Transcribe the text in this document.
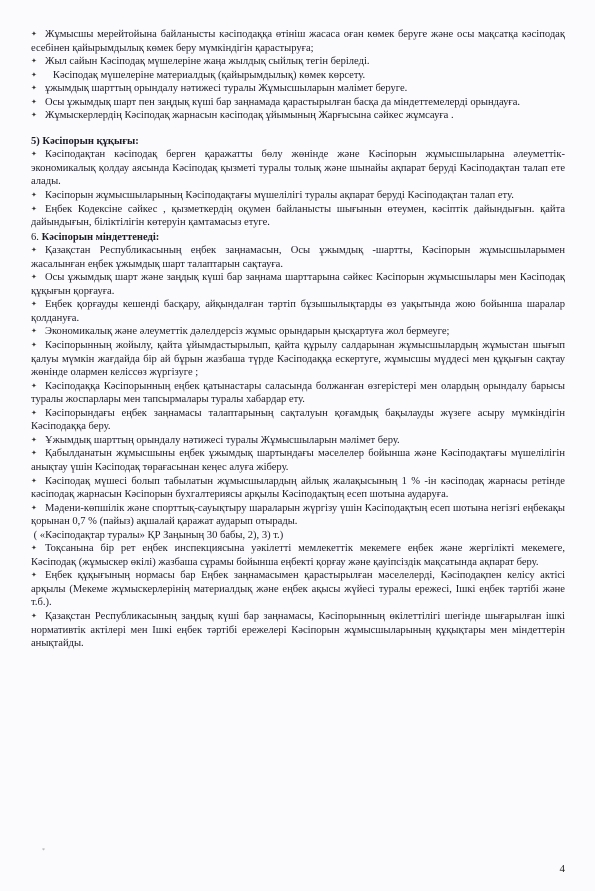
✦ Жұмысшы мерейтойына байланысты кәсіподаққа өтініш жасаса оған көмек беруге және осы мақсатқа кәсіподақ есебінен қайырымдылық көмек беру мүмкіндігін қарастыруға;

✦ Жыл сайын Кәсіподақ мүшелеріне жаңа жылдық сыйлық тегін беріледі.

✦ Кәсіподақ мүшелеріне материалдық (қайырымдылық) көмек көрсету.

✦ ұжымдық шарттың орындалу нәтижесі туралы Жұмысшыларын мәлімет беруге.

✦ Осы ұжымдық шарт пен заңдық күші бар заңнамада қарастырылған басқа да міндеттемелерді орындауға.

✦ Жұмыскерлердің Кәсіподақ жарнасын кәсіподақ ұйымының Жарғысына сәйкес жұмсауға .

5) Кәсіпорын құқығы:

✦ Кәсіподақтан кәсіподақ берген қаражатты бөлу жөнінде және Кәсіпорын жұмысшыларына әлеуметтік-экономикалық қолдау аясында Кәсіподақ қызметі туралы толық және шынайы ақпарат беруді Кәсіподақтан талап ете алады.

✦ Кәсіпорын жұмысшыларының Кәсіподақтағы мүшелілігі туралы ақпарат беруді Кәсіподақтан талап ету.

✦ Еңбек Кодексіне сәйкес , қызметкердің оқумен байланысты шығынын өтеумен, кәсіптік дайындығын. қайта дайындығын, біліктілігін көтеруін қамтамасыз етуге.

6. Кәсіпорын міндеттенеді:

✦ Қазақстан Республикасының еңбек заңнамасын, Осы ұжымдық -шартты, Кәсіпорын жұмысшыларымен жасалынған еңбек ұжымдық шарт талаптарын сақтауға.

✦ Осы ұжымдық шарт және заңдық күші бар заңнама шарттарына сәйкес Кәсіпорын жұмысшылары мен Кәсіподақ құқығын қорғауға.

✦ Еңбек қорғауды кешенді басқару, айқындалған тәртіп бұзышылықтарды өз уақытында жою бойынша шаралар қолдануға.

✦ Экономикалық және әлеуметтік дәлелдерсіз жұмыс орындарын қысқартуға жол бермеуге;

✦ Кәсіпорынның жойылу, қайта ұйымдастырылып, қайта құрылу салдарынан жұмысшылардың жұмыстан шығып қалуы мүмкін жағдайда бір ай бұрын жазбаша түрде Кәсіподаққа ескертуге, жұмысшы мүддесі мен құқығын сақтау жөнінде олармен келіссөз жүргізуге ;

✦ Кәсіподаққа Кәсіпорынның еңбек қатынастары саласында болжанған өзгерістері мен олардың орындалу барысы туралы жоспарлары мен тапсырмалары туралы хабардар ету.

✦ Кәсіпорындағы еңбек заңнамасы талаптарының сақталуын қоғамдық бақылауды жүзеге асыру мүмкіндігін Кәсіподаққа беру.

✦ Ұжымдық шарттың орындалу нәтижесі туралы Жұмысшыларын мәлімет беру.

✦ Қабылданатын жұмысшыны еңбек ұжымдық шартындағы мәселелер бойынша және Кәсіподақтағы мүшелілігін анықтау үшін Кәсіподақ төрағасынан кеңес алуға жіберу.

✦ Кәсіподақ мүшесі болып табылатын жұмысшылардың айлық жалақысының 1 % -ін кәсіподақ жарнасы ретінде кәсіподақ жарнасын Кәсіпорын бухгалтериясы арқылы Кәсіподақтың есеп шотына аударуға.

✦ Мәдени-көпшілік және спорттық-сауықтыру шараларын жүргізу үшін Кәсіподақтың есеп шотына негізгі еңбекақы қорынан 0,7 % (пайыз) ақшалай қаражат аударып отырады.

( «Кәсіподақтар туралы» ҚР Заңының 30 бабы, 2), 3) т.)

✦ Тоқсанына бір рет еңбек инспекциясына уәкілетті мемлекеттік мекемеге еңбек және жергілікті мекемеге, Кәсіподақ (жұмыскер өкілі) жазбаша сұрамы бойынша еңбекті қорғау және қауіпсіздік мақсатында ақпарат беру.

✦ Еңбек құқығының нормасы бар Еңбек заңнамасымен қарастырылған мәселелерді, Кәсіподақпен келісу актісі арқылы (Мекеме жұмыскерлерінің материалдық және еңбек ақысы жүйесі туралы ережесі, Ішкі еңбек тәртібі және т.б.).

✦ Қазақстан Республикасының заңдық күші бар заңнамасы, Кәсіпорынның өкілеттілігі шегінде шығарылған ішкі нормативтік актілері мен Ішкі еңбек тәртібі ережелері Кәсіпорын жұмысшыларының құқықтары мен міндеттерін анықтайды.

*
4
